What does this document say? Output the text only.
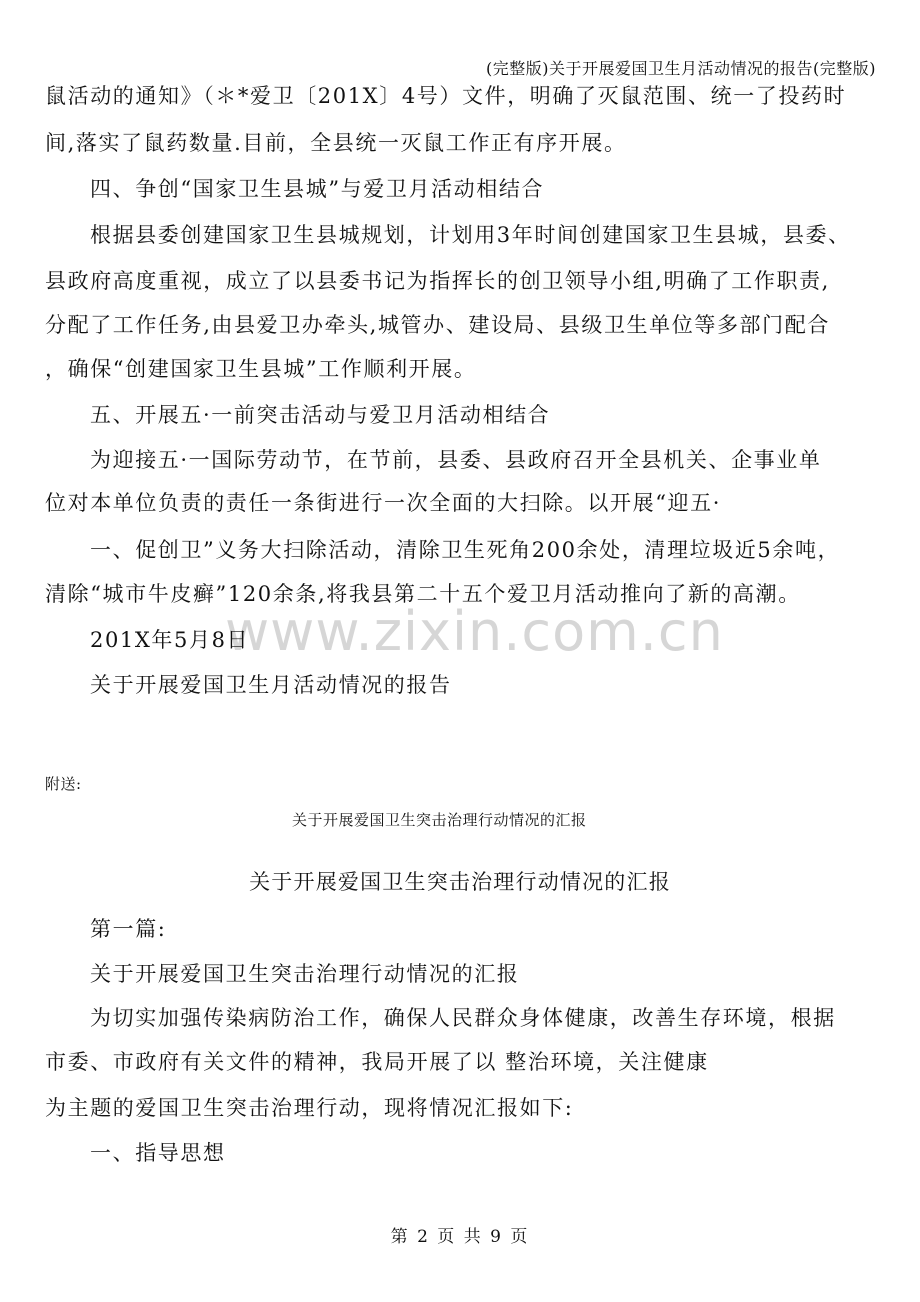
(完整版)关于开展爱国卫生月活动情况的报告(完整版)
www.zixin.com.cn
鼠活动的通知》（＊*爱卫〔201X〕4号）文件，明确了灭鼠范围、统一了投药时
间,落实了鼠药数量.目前，全县统一灭鼠工作正有序开展。
四、争创“国家卫生县城”与爱卫月活动相结合
根据县委创建国家卫生县城规划，计划用3年时间创建国家卫生县城，县委、
县政府高度重视，成立了以县委书记为指挥长的创卫领导小组,明确了工作职责,
分配了工作任务,由县爱卫办牵头,城管办、建设局、县级卫生单位等多部门配合
，确保“创建国家卫生县城”工作顺利开展。
五、开展五·一前突击活动与爱卫月活动相结合
为迎接五·一国际劳动节，在节前，县委、县政府召开全县机关、企事业单
位对本单位负责的责任一条街进行一次全面的大扫除。以开展“迎五·
一、促创卫”义务大扫除活动，清除卫生死角200余处，清理垃圾近5余吨，
清除“城市牛皮癣”120余条,将我县第二十五个爱卫月活动推向了新的高潮。
201X年5月8日
关于开展爱国卫生月活动情况的报告
附送:
关于开展爱国卫生突击治理行动情况的汇报
关于开展爱国卫生突击治理行动情况的汇报
第一篇:
关于开展爱国卫生突击治理行动情况的汇报
为切实加强传染病防治工作，确保人民群众身体健康，改善生存环境，根据
市委、市政府有关文件的精神，我局开展了以 整治环境，关注健康
为主题的爱国卫生突击治理行动，现将情况汇报如下:
一、指导思想
第 2 页 共 9 页
